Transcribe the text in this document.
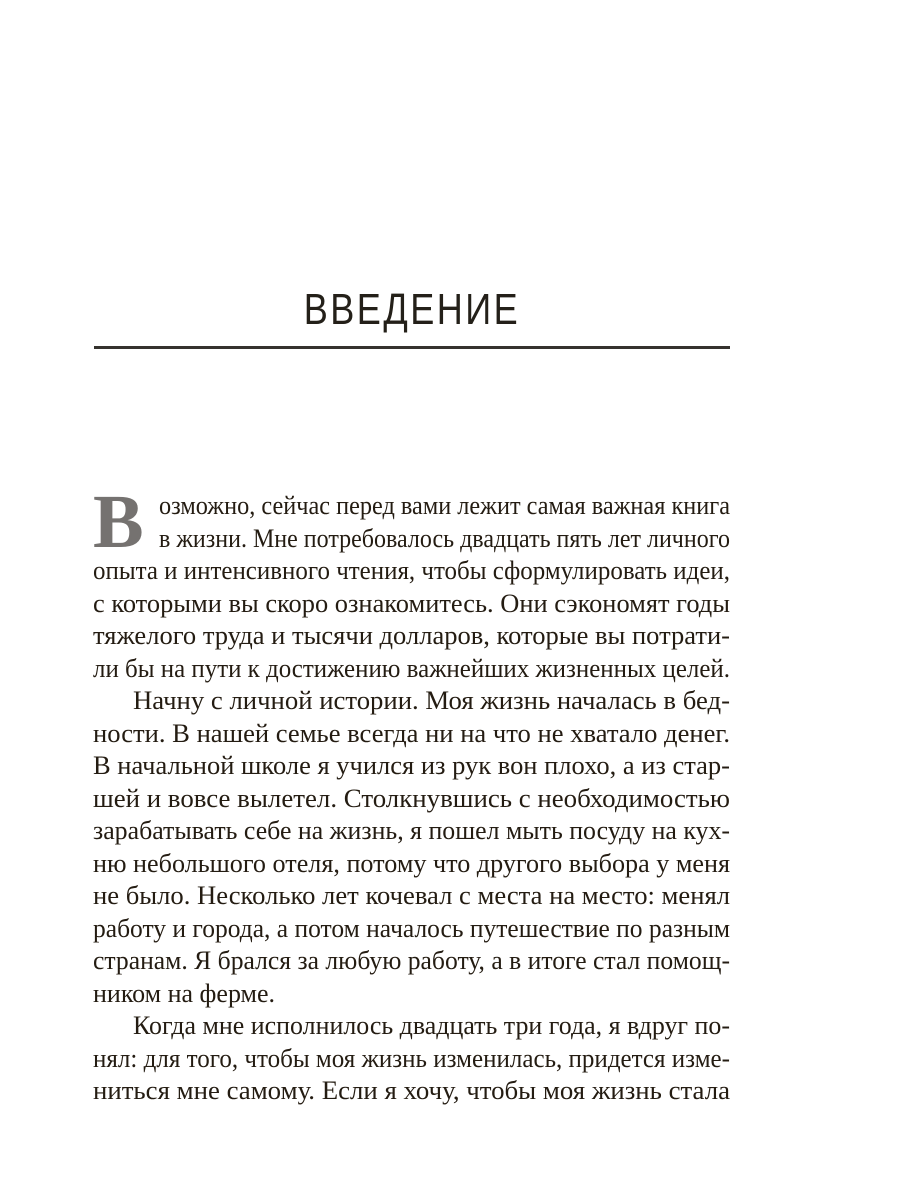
ВВЕДЕНИЕ
В озможно, сейчас перед вами лежит самая важная книга
в жизни. Мне потребовалось двадцать пять лет личного
опыта и интенсивного чтения, чтобы сформулировать идеи,
с которыми вы скоро ознакомитесь. Они сэкономят годы
тяжелого труда и тысячи долларов, которые вы потрати-
ли бы на пути к достижению важнейших жизненных целей.
Начну с личной истории. Моя жизнь началась в бед-
ности. В нашей семье всегда ни на что не хватало денег.
В начальной школе я учился из рук вон плохо, а из стар-
шей и вовсе вылетел. Столкнувшись с необходимостью
зарабатывать себе на жизнь, я пошел мыть посуду на кух-
ню небольшого отеля, потому что другого выбора у меня
не было. Несколько лет кочевал с места на место: менял
работу и города, а потом началось путешествие по разным
странам. Я брался за любую работу, а в итоге стал помощ-
ником на ферме.
Когда мне исполнилось двадцать три года, я вдруг по-
нял: для того, чтобы моя жизнь изменилась, придется изме-
ниться мне самому. Если я хочу, чтобы моя жизнь стала
